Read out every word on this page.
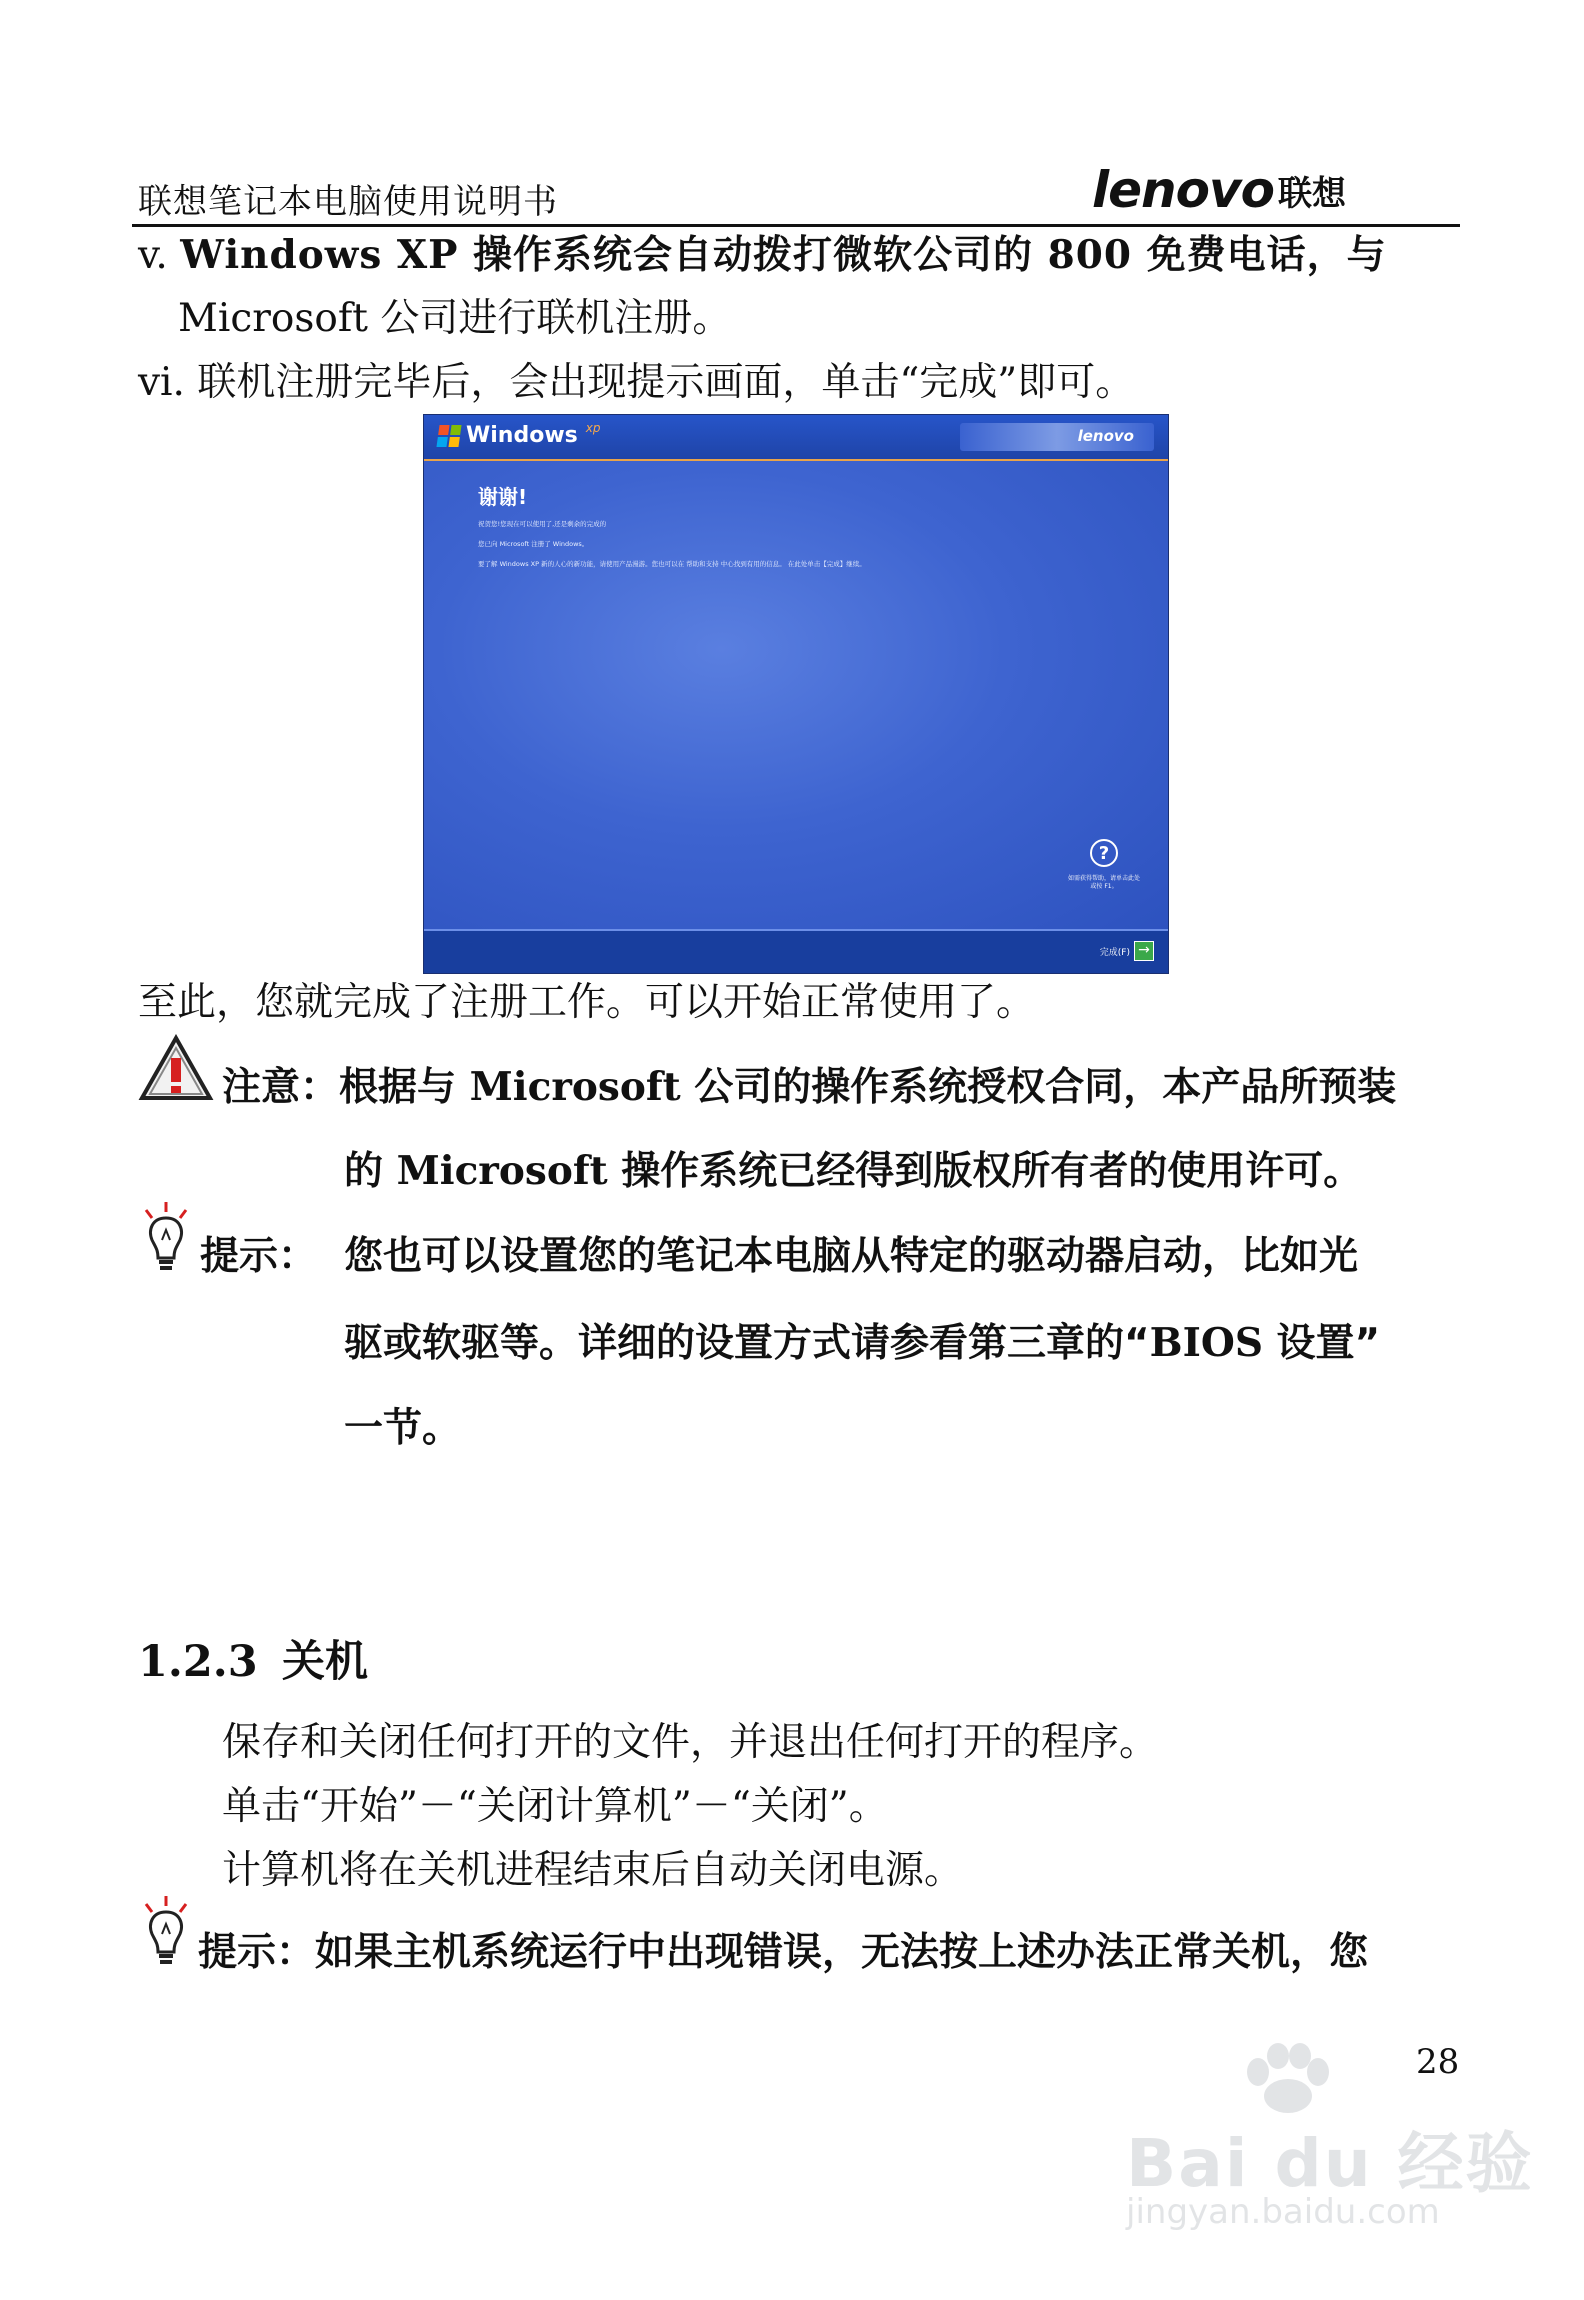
联想笔记本电脑使用说明书	lenovo 联想
v. Windows XP 操作系统会自动拨打微软公司的 800 免费电话，与
Microsoft 公司进行联机注册。
vi. 联机注册完毕后，会出现提示画面，单击“完成”即可。
Windows xp	lenovo
谢谢!
祝贺您!您现在可以使用了,还是剩余的完成的
您已向 Microsoft 注册了 Windows。
要了解 Windows XP 新的人心的新功能，请使用产品漫游。您也可以在 帮助和支持 中心找到有用的信息。 在此处单击【完成】继续。
?
如需获得帮助，请单击此处或按 F1。
完成(F) →
至此，您就完成了注册工作。可以开始正常使用了。
注意：根据与 Microsoft 公司的操作系统授权合同，本产品所预装
的 Microsoft 操作系统已经得到版权所有者的使用许可。
提示： 您也可以设置您的笔记本电脑从特定的驱动器启动，比如光
驱或软驱等。详细的设置方式请参看第三章的“BIOS 设置”
一节。
1.2.3 关机
保存和关闭任何打开的文件，并退出任何打开的程序。
单击“开始”－“关闭计算机”－“关闭”。
计算机将在关机进程结束后自动关闭电源。
提示：如果主机系统运行中出现错误，无法按上述办法正常关机，您
28
Bai du 经验
jingyan.baidu.com
